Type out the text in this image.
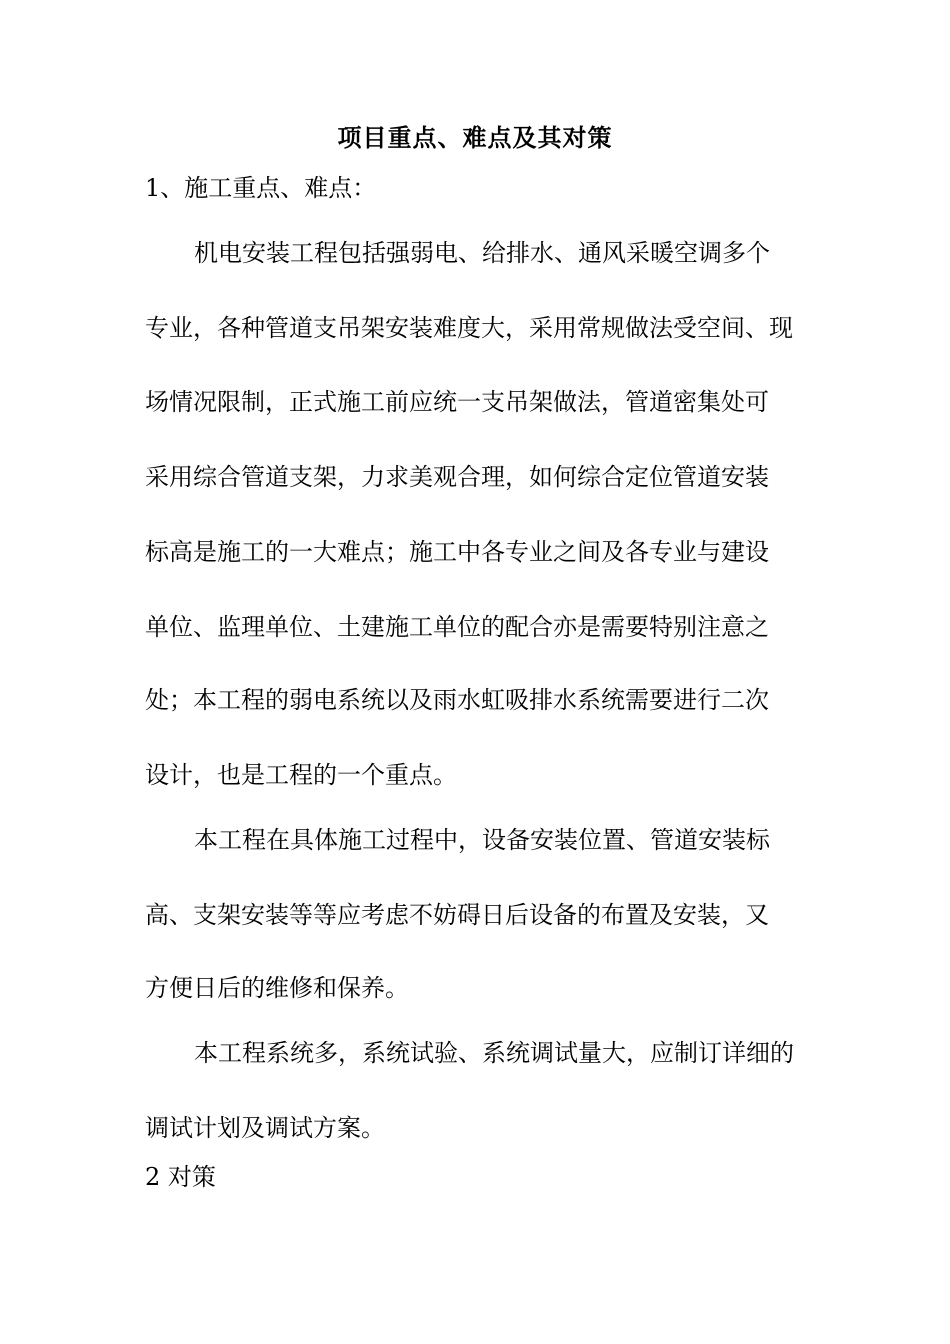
项目重点、难点及其对策
1、施工重点、难点：
机电安装工程包括强弱电、给排水、通风采暖空调多个
专业，各种管道支吊架安装难度大，采用常规做法受空间、现
场情况限制，正式施工前应统一支吊架做法，管道密集处可
采用综合管道支架，力求美观合理，如何综合定位管道安装
标高是施工的一大难点；施工中各专业之间及各专业与建设
单位、监理单位、土建施工单位的配合亦是需要特别注意之
处；本工程的弱电系统以及雨水虹吸排水系统需要进行二次
设计，也是工程的一个重点。
本工程在具体施工过程中，设备安装位置、管道安装标
高、支架安装等等应考虑不妨碍日后设备的布置及安装，又
方便日后的维修和保养。
本工程系统多，系统试验、系统调试量大，应制订详细的
调试计划及调试方案。
2 对策
